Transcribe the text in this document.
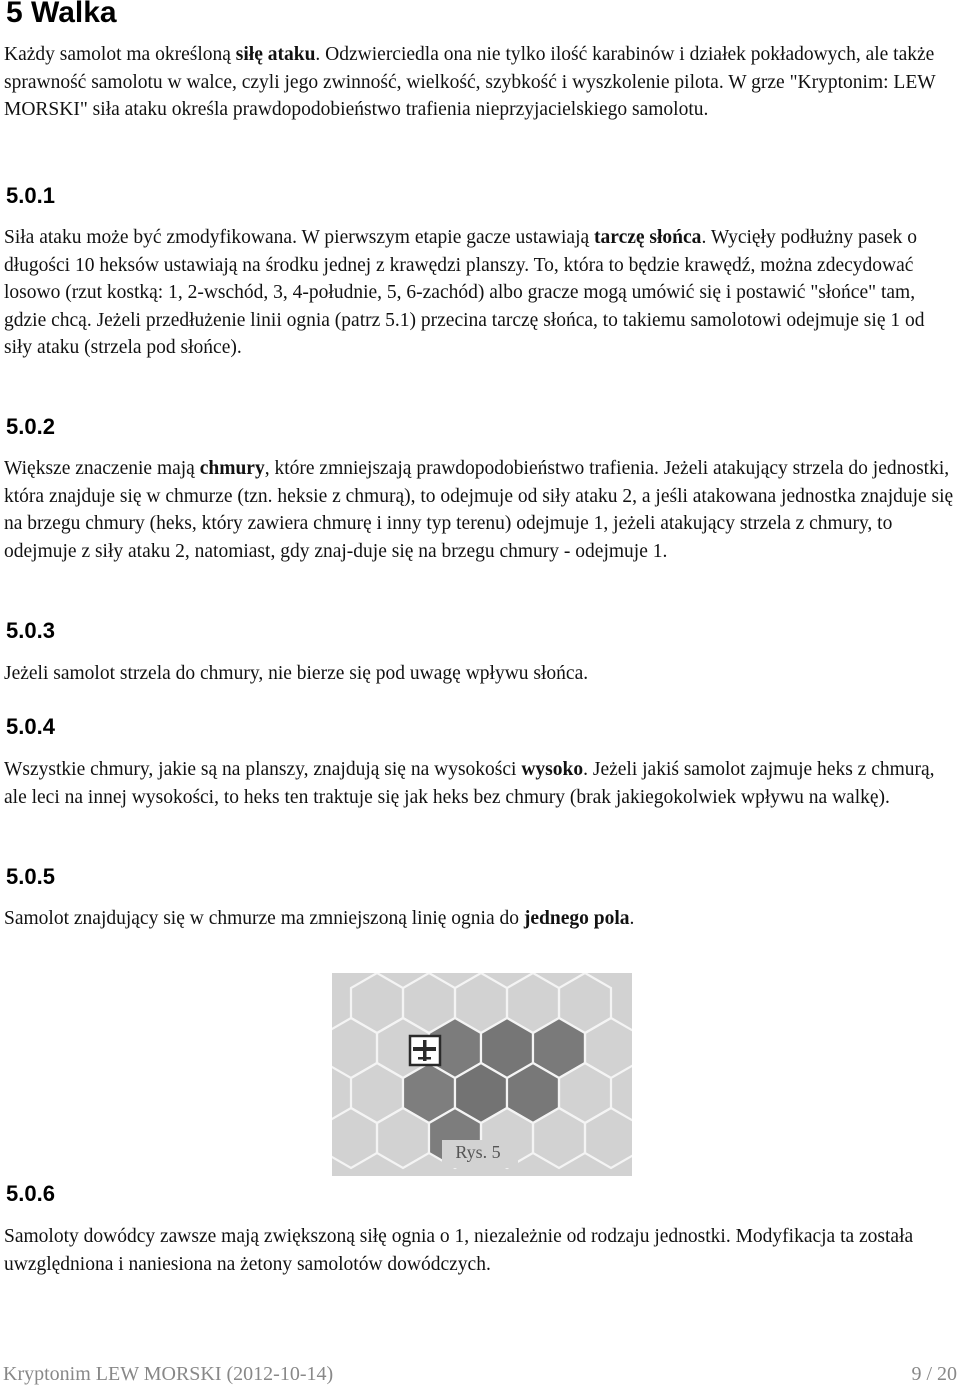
5 Walka

Każdy samolot ma określoną siłę ataku. Odzwierciedla ona nie tylko ilość karabinów i działek pokładowych, ale także sprawność samolotu w walce, czyli jego zwinność, wielkość, szybkość i wyszkolenie pilota. W grze "Kryptonim: LEW MORSKI" siła ataku określa prawdopodobieństwo trafienia nieprzyjacielskiego samolotu.

5.0.1

Siła ataku może być zmodyfikowana. W pierwszym etapie gacze ustawiają tarczę słońca. Wycięły podłużny pasek o długości 10 heksów ustawiają na środku jednej z krawędzi planszy. To, która to będzie krawędź, można zdecydować losowo (rzut kostką: 1, 2-wschód, 3, 4-południe, 5, 6-zachód) albo gracze mogą umówić się i postawić "słońce" tam, gdzie chcą. Jeżeli przedłużenie linii ognia (patrz 5.1) przecina tarczę słońca, to takiemu samolotowi odejmuje się 1 od siły ataku (strzela pod słońce).

5.0.2

Większe znaczenie mają chmury, które zmniejszają prawdopodobieństwo trafienia. Jeżeli atakujący strzela do jednostki, która znajduje się w chmurze (tzn. heksie z chmurą), to odejmuje od siły ataku 2, a jeśli atakowana jednostka znajduje się na brzegu chmury (heks, który zawiera chmurę i inny typ terenu) odejmuje 1, jeżeli atakujący strzela z chmury, to odejmuje z siły ataku 2, natomiast, gdy znaj-duje się na brzegu chmury - odejmuje 1.

5.0.3

Jeżeli samolot strzela do chmury, nie bierze się pod uwagę wpływu słońca.

5.0.4

Wszystkie chmury, jakie są na planszy, znajdują się na wysokości wysoko. Jeżeli jakiś samolot zajmuje heks z chmurą, ale leci na innej wysokości, to heks ten traktuje się jak heks bez chmury (brak jakiegokolwiek wpływu na walkę).

5.0.5

Samolot znajdujący się w chmurze ma zmniejszoną linię ognia do jednego pola.

Rys. 5
5.0.6

Samoloty dowódcy zawsze mają zwiększoną siłę ognia o 1, niezależnie od rodzaju jednostki. Modyfikacja ta została uwzględniona i naniesiona na żetony samolotów dowódczych.

Kryptonim LEW MORSKI (2012-10-14)	9 / 20
